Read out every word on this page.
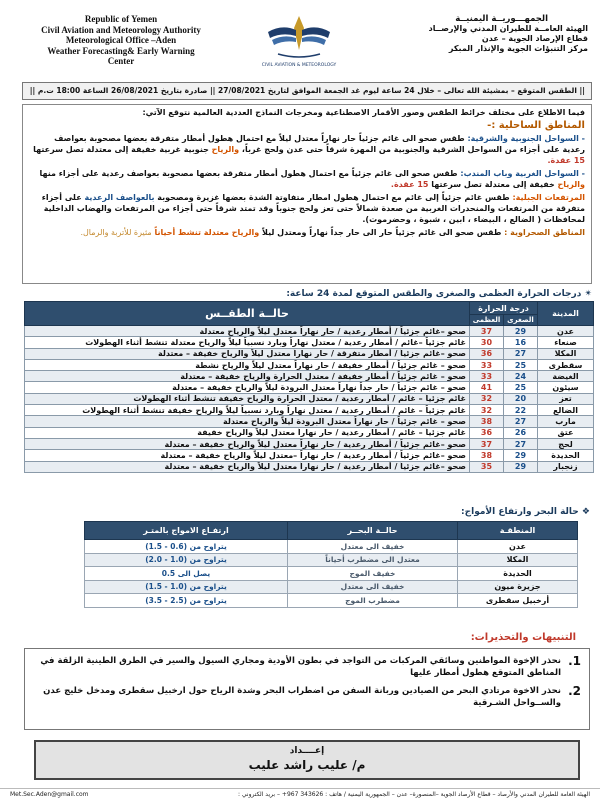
Republic of Yemen
Civil Aviation and Meteorology Authority
Meteorological Office –Aden
Weather Forecasting& Early Warning
Center	CIVIL AVIATION & METEOROLOGY
الجمهـــوريــة اليمنيــة
الهيئة العامــة للطيران المدني والإرصــاد
قطاع الإرصاد الجوية – عدن
مركز التنبؤات الجوية والإنذار المبكر
|| الطقس المتوقع – بمشيئة الله تعالى – خلال 24 ساعة ليوم غد الجمعة الموافق لتاريخ 27/08/2021 || صادرة بتاريخ 26/08/2021 الساعة 18:00 ت.م ||

فيما الاطلاع على مختلف خرائط الطقس وصور الأقمار الاصطناعية ومخرجات النماذج العددية العالمية نتوقع الآتي:

المناطق الساحلية :-

- السواحل الجنوبية والشرقية: طقس صحو الى غائم جزئياً حار نهاراً معتدل ليلاً مع احتمال هطول أمطار متفرقة بعضها مصحوبة بعواصف رعدية على أجزاء من السواحل الشرقية والجنوبية من المهرة شرقاً حتى عدن ولحج غرباً، والرياح جنوبية غربية خفيفة إلى معتدلة تصل سرعتها 15 عقدة.

- السواحل الغربية وباب المندب: طقس صحو الى غائم جزئياً مع احتمال هطول أمطار متفرقة بعضها مصحوبة بعواصف رعدية على أجزاء منها والرياح خفيفة إلى معتدلة تصل سرعتها 15 عقدة.

المرتفعات الجبلية: طقس غائم جزئياً إلى غائم مع احتمال هطول امطار متفاوتة الشدة بعضها غزيرة ومصحوبة بالعواصف الرعدية على أجزاء متفرقة من المرتفعات والمنحدرات الغربية من صعدة شمالاً حتى تعز ولحج جنوباً وقد تمتد شرقاً حتى أجزاء من المرتفعات والهضاب الداخلية لمحافظات ( الضالع ، البيضاء ، ابين ، شبوة ، وحضرموت).

المناطق الصحراوية : طقس صحو الى غائم جزئياً حار الى حار جداً نهاراً ومعتدل ليلاً والرياح معتدلة تنشط أحياناً مثيرة للأتربة والرمال.

✴ درجات الحرارة العظمى والصغرى والطقس المتوقع لمدة 24 ساعة:
المدينة	درجة الحرارة		حالــة الطقــس
	الصغرى	العظمى	
عدن	29	37	صحو –غائم جزئياً / أمطار رعدية / حار نهاراً معتدل ليلاً والرياح معتدلة
صنعاء	16	30	غائم جزئياً –غائم / أمطار رعدية / معتدل نهاراً وبارد نسبياً ليلاً والرياح معتدلة تنشط أثناء الهطولات
المكلا	27	36	صحو –غائم جزئياً / أمطار متفرقة / حار نهاراً معتدل ليلاً والرياح خفيفة – معتدلة
سقطرى	25	33	صحو – غائم جزئياً / أمطار خفيفة / حار نهاراً معتدل ليلاً والرياح نشطة
الغيضة	24	33	صحو – غائم جزئياً / أمطار خفيفة / معتدل الحرارة والرياح خفيفة – معتدلة
سيئون	25	41	صحو – غائم جزئياً / حار جداً نهاراً معتدل البرودة ليلاً والرياح خفيفة – معتدلة
تعز	20	32	غائم جزئياً – غائم / أمطار رعدية / معتدل الحرارة والرياح خفيفة تنشط أثناء الهطولات
الضالع	22	32	غائم جزئياً – غائم / أمطار رعدية / معتدل نهاراً وبارد نسبياً ليلاً والرياح خفيفة تنشط أثناء الهطولات
مارب	27	38	صحو – غائم جزئياً / حار نهاراً معتدل البرودة ليلاً والرياح معتدلة
عتق	26	36	غائم جزئياً – غائم / أمطار رعدية / حار نهاراً معتدل ليلاً والرياح خفيفة
لحج	27	37	صحو –غائم جزئياً / أمطار رعدية / حار نهاراً معتدل ليلاً والرياح خفيفة – معتدلة
الحديدة	29	38	صحو –غائم جزئياً / أمطار رعدية / حار نهاراً –معتدل ليلاً والرياح خفيفة – معتدلة
زنجبار	29	35	صحو –غائم جزئياً / أمطار رعدية / حار نهاراً معتدل ليلاً والرياح خفيفة – معتدلة
❖ حالة البحر وارتفاع الأمواج:
المنطقـة	حالــة البحــر	ارتفـاع الامواج بالمتـر
عدن	خفيف الى معتدل	يتراوح من (0.6 - 1.5)
المكلا	معتدل الى مضطرب أحياناً	يتراوح من (1.0 - 2.0)
الحديدة	خفيف الموج	يصل الى 0.5
جزيرة ميون	خفيف الى معتدل	يتراوح من (1.0 - 1.5)
أرخبيل سقطرى	مضطرب الموج	يتراوح من (2.5 - 3.5)
التنبيهات والتحذيرات:
1.
نحذر الإخوة المواطنين وسائقي المركبات من التواجد في بطون الأودية ومجاري السيول والسير في الطرق الطينية الزلقة في المناطق المتوقع هطول أمطار عليها
2.
نحذر الاخوة مرتادي البحر من الصيادين وربانة السفن من اضطراب البحر وشدة الرياح حول ارخبيل سقطرى ومدخل خليج عدن والســواحل الشـرقية
إعــــداد
م/ عليب راشد عليب
الهيئة العامة للطيران المدني والأرصاد – قطاع الأرصاد الجوية –المنصورة– عدن – الجمهورية اليمنية / هاتف : 343626 967+ – بريد الكتروني :
Met.Sec.Aden@gmail.com
